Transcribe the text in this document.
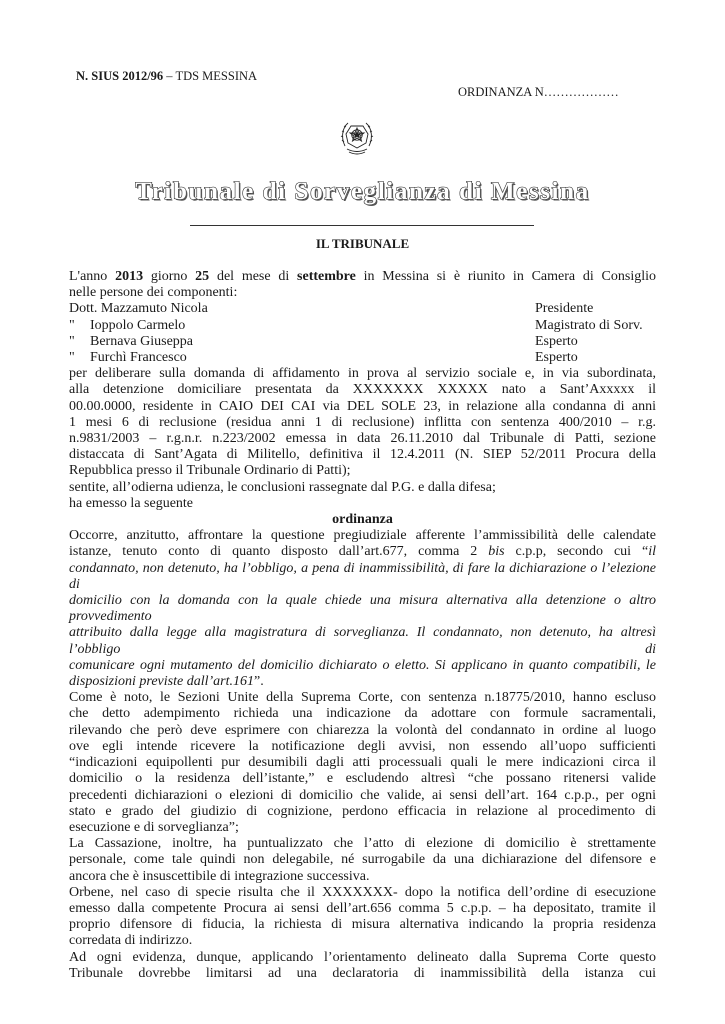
N. SIUS 2012/96 – TDS MESSINA
ORDINANZA N………………
Tribunale di Sorveglianza di Messina
IL TRIBUNALE

L'anno 2013 giorno 25 del mese di settembre in Messina si è riunito in Camera di Consiglio

nelle persone dei componenti:

Dott. Mazzamuto Nicola	Presidente
"	Ioppolo Carmelo	Magistrato di Sorv.
"	Bernava Giuseppa	Esperto
"	Furchì Francesco	Esperto

per deliberare sulla domanda di affidamento in prova al servizio sociale e, in via subordinata,

alla detenzione domiciliare presentata da XXXXXXX XXXXX nato a Sant’Axxxxx il

00.00.0000, residente in CAIO DEI CAI via DEL SOLE 23, in relazione alla condanna di anni

1 mesi 6 di reclusione (residua anni 1 di reclusione) inflitta con sentenza 400/2010 – r.g.

n.9831/2003 – r.g.n.r. n.223/2002 emessa in data 26.11.2010 dal Tribunale di Patti, sezione

distaccata di Sant’Agata di Militello, definitiva il 12.4.2011 (N. SIEP 52/2011 Procura della

Repubblica presso il Tribunale Ordinario di Patti);

sentite, all’odierna udienza, le conclusioni rassegnate dal P.G. e dalla difesa;

ha emesso la seguente

ordinanza

Occorre, anzitutto, affrontare la questione pregiudiziale afferente l’ammissibilità delle calendate

istanze, tenuto conto di quanto disposto dall’art.677, comma 2 bis c.p.p, secondo cui “il

condannato, non detenuto, ha l’obbligo, a pena di inammissibilità, di fare la dichiarazione o l’elezione di

domicilio con la domanda con la quale chiede una misura alternativa alla detenzione o altro provvedimento

attribuito dalla legge alla magistratura di sorveglianza. Il condannato, non detenuto, ha altresì l’obbligo di

comunicare ogni mutamento del domicilio dichiarato o eletto. Si applicano in quanto compatibili, le

disposizioni previste dall’art.161”.

Come è noto, le Sezioni Unite della Suprema Corte, con sentenza n.18775/2010, hanno escluso

che detto adempimento richieda una indicazione da adottare con formule sacramentali,

rilevando che però deve esprimere con chiarezza la volontà del condannato in ordine al luogo

ove egli intende ricevere la notificazione degli avvisi, non essendo all’uopo sufficienti

“indicazioni equipollenti pur desumibili dagli atti processuali quali le mere indicazioni circa il

domicilio o la residenza dell’istante,” e escludendo altresì “che possano ritenersi valide

precedenti dichiarazioni o elezioni di domicilio che valide, ai sensi dell’art. 164 c.p.p., per ogni

stato e grado del giudizio di cognizione, perdono efficacia in relazione al procedimento di

esecuzione e di sorveglianza”;

La Cassazione, inoltre, ha puntualizzato che l’atto di elezione di domicilio è strettamente

personale, come tale quindi non delegabile, né surrogabile da una dichiarazione del difensore e

ancora che è insuscettibile di integrazione successiva.

Orbene, nel caso di specie risulta che il XXXXXXX- dopo la notifica dell’ordine di esecuzione

emesso dalla competente Procura ai sensi dell’art.656 comma 5 c.p.p. – ha depositato, tramite il

proprio difensore di fiducia, la richiesta di misura alternativa indicando la propria residenza

corredata di indirizzo.

Ad ogni evidenza, dunque, applicando l’orientamento delineato dalla Suprema Corte questo

Tribunale dovrebbe limitarsi ad una declaratoria di inammissibilità della istanza cui
